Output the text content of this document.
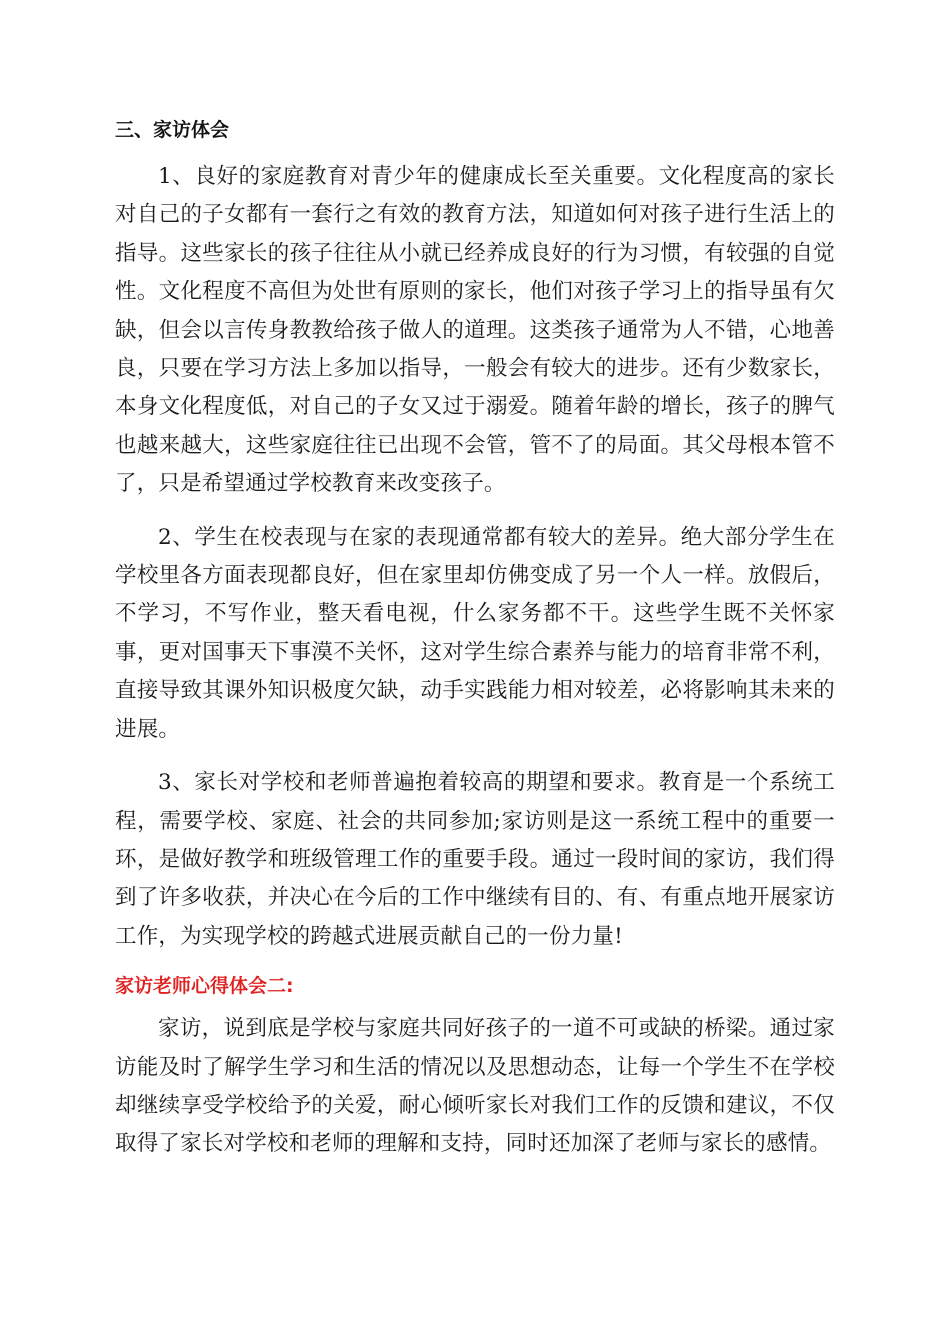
三、家访体会

1、良好的家庭教育对青少年的健康成长至关重要。文化程度高的家长对自己的子女都有一套行之有效的教育方法，知道如何对孩子进行生活上的指导。这些家长的孩子往往从小就已经养成良好的行为习惯，有较强的自觉性。文化程度不高但为处世有原则的家长，他们对孩子学习上的指导虽有欠缺，但会以言传身教教给孩子做人的道理。这类孩子通常为人不错，心地善良，只要在学习方法上多加以指导，一般会有较大的进步。还有少数家长，本身文化程度低，对自己的子女又过于溺爱。随着年龄的增长，孩子的脾气也越来越大，这些家庭往往已出现不会管，管不了的局面。其父母根本管不了，只是希望通过学校教育来改变孩子。

2、学生在校表现与在家的表现通常都有较大的差异。绝大部分学生在学校里各方面表现都良好，但在家里却仿佛变成了另一个人一样。放假后，不学习，不写作业，整天看电视，什么家务都不干。这些学生既不关怀家事，更对国事天下事漠不关怀，这对学生综合素养与能力的培育非常不利，直接导致其课外知识极度欠缺，动手实践能力相对较差，必将影响其未来的进展。

3、家长对学校和老师普遍抱着较高的期望和要求。教育是一个系统工程，需要学校、家庭、社会的共同参加;家访则是这一系统工程中的重要一环，是做好教学和班级管理工作的重要手段。通过一段时间的家访，我们得到了许多收获，并决心在今后的工作中继续有目的、有、有重点地开展家访工作，为实现学校的跨越式进展贡献自己的一份力量!

家访老师心得体会二:

家访，说到底是学校与家庭共同好孩子的一道不可或缺的桥梁。通过家访能及时了解学生学习和生活的情况以及思想动态，让每一个学生不在学校却继续享受学校给予的关爱，耐心倾听家长对我们工作的反馈和建议，不仅取得了家长对学校和老师的理解和支持，同时还加深了老师与家长的感情。
